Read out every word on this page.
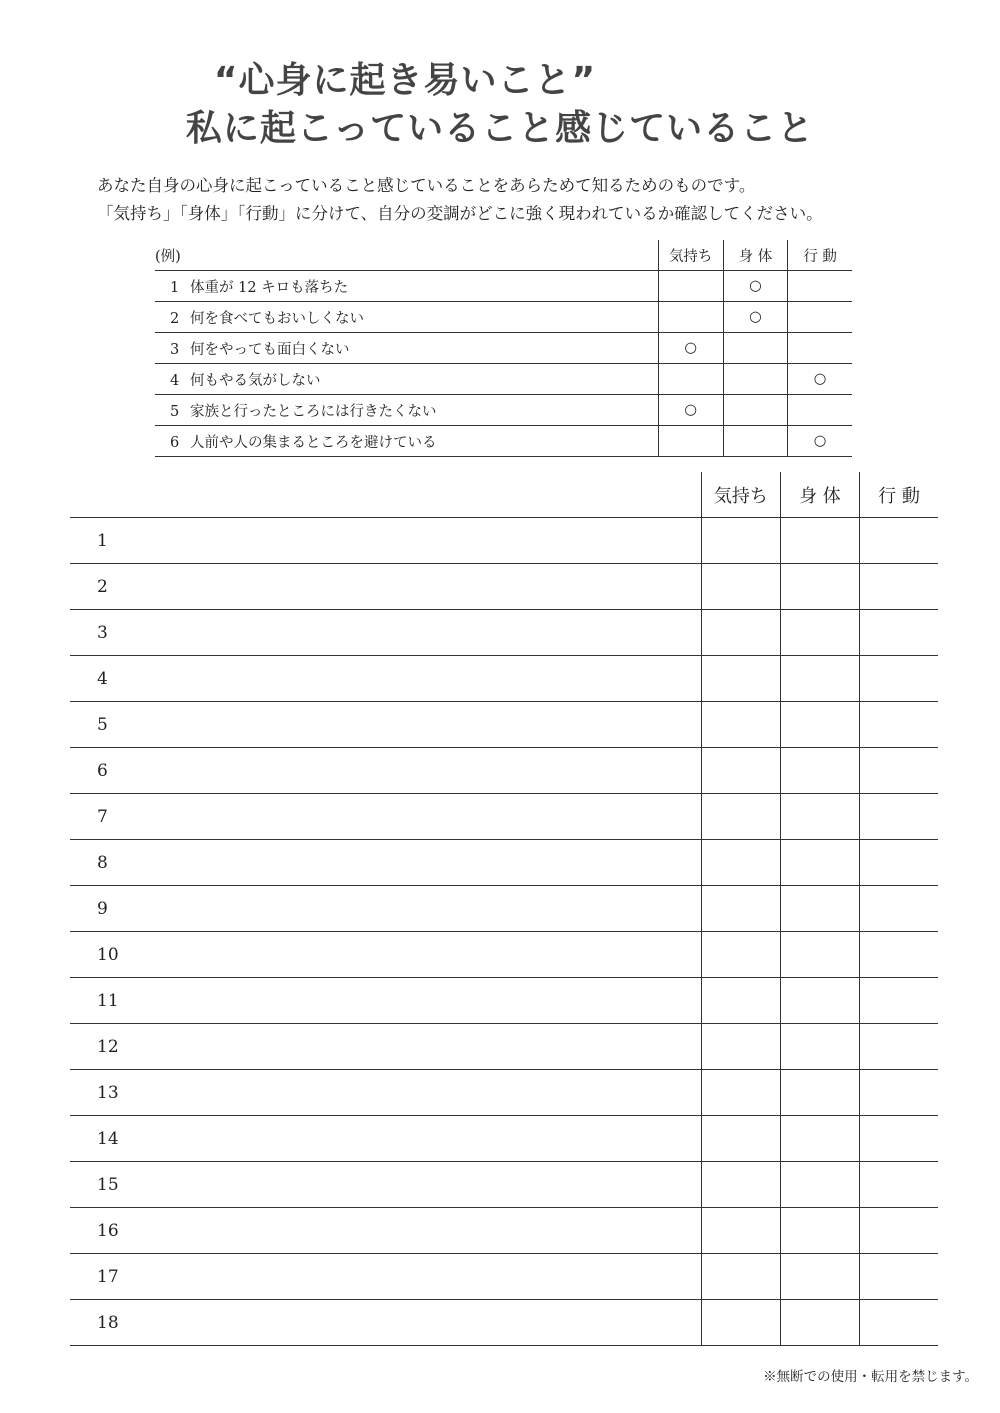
“心身に起き易いこと”
私に起こっていること感じていること
あなた自身の心身に起こっていること感じていることをあらためて知るためのものです。
「気持ち」「身体」「行動」に分けて、自分の変調がどこに強く現われているか確認してください。
(例)	気持ち	身 体	行 動
1 体重が 12 キロも落ちた		○	
2 何を食べてもおいしくない		○	
3 何をやっても面白くない	○		
4 何もやる気がしない			○
5 家族と行ったところには行きたくない	○		
6 人前や人の集まるところを避けている			○
	気持ち	身 体	行 動
1			
2			
3			
4			
5			
6			
7			
8			
9			
10			
11			
12			
13			
14			
15			
16			
17			
18			
※無断での使用・転用を禁じます。
